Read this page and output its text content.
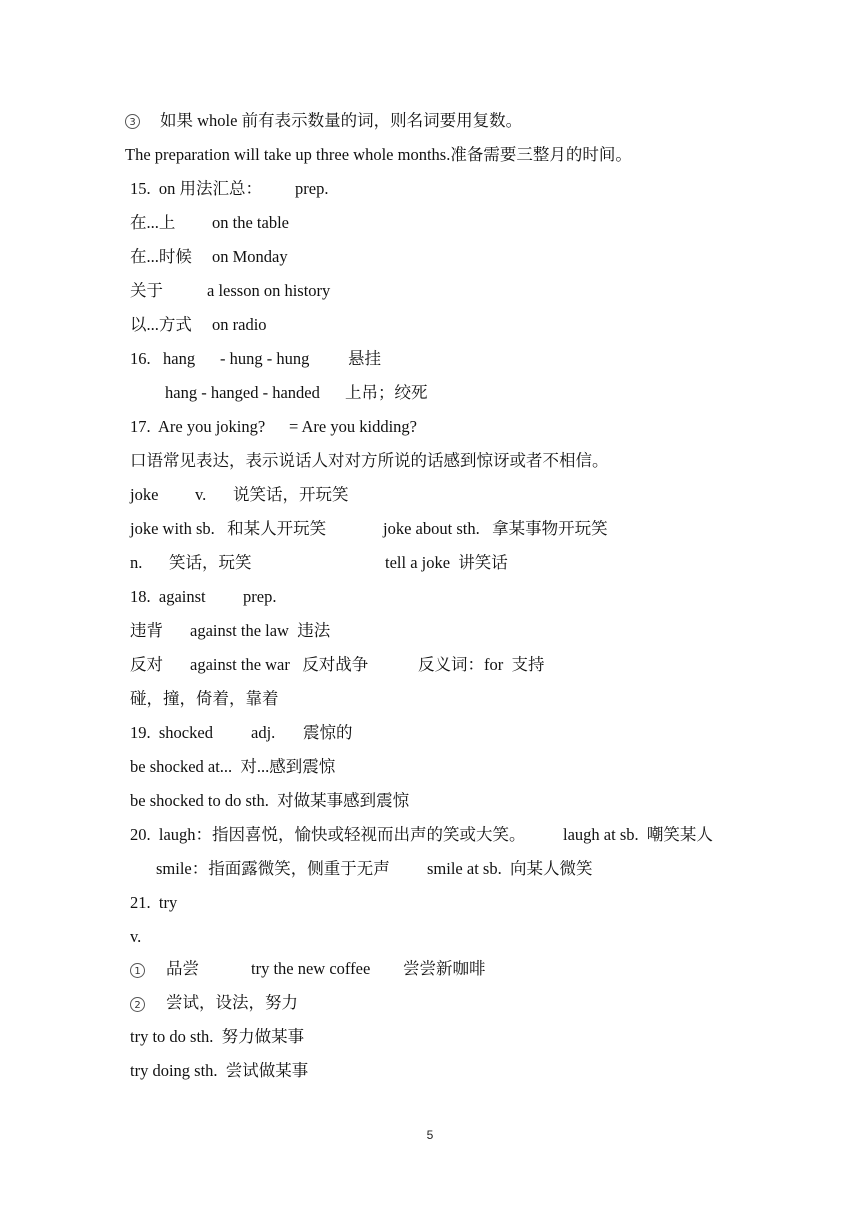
3 如果 whole 前有表示数量的词，则名词要用复数。
The preparation will take up three whole months.准备需要三整月的时间。
15.  on 用法汇总： prep.
在...上 on the table
在...时候 on Monday
关于	a lesson on history
以...方式 on radio
16.   hang - hung - hung 悬挂
hang - hanged - handed 上吊；绞死
17.  Are you joking? = Are you kidding?
口语常见表达，表示说话人对对方所说的话感到惊讶或者不相信。
joke v. 说笑话，开玩笑
joke with sb.   和某人开玩笑	joke about sth.   拿某事物开玩笑
n. 笑话，玩笑	tell a joke  讲笑话
18.  against prep.
违背 against the law  违法
反对 against the war   反对战争	反义词：for  支持
碰，撞，倚着，靠着
19.  shocked adj. 震惊的
be shocked at...  对...感到震惊
be shocked to do sth.  对做某事感到震惊
20.  laugh：指因喜悦，愉快或轻视而出声的笑或大笑。 laugh at sb.  嘲笑某人
smile：指面露微笑，侧重于无声 smile at sb.  向某人微笑
21.  try
v.
1 品尝	try the new coffee 尝尝新咖啡
2 尝试，设法，努力
try to do sth.  努力做某事
try doing sth.  尝试做某事
5
